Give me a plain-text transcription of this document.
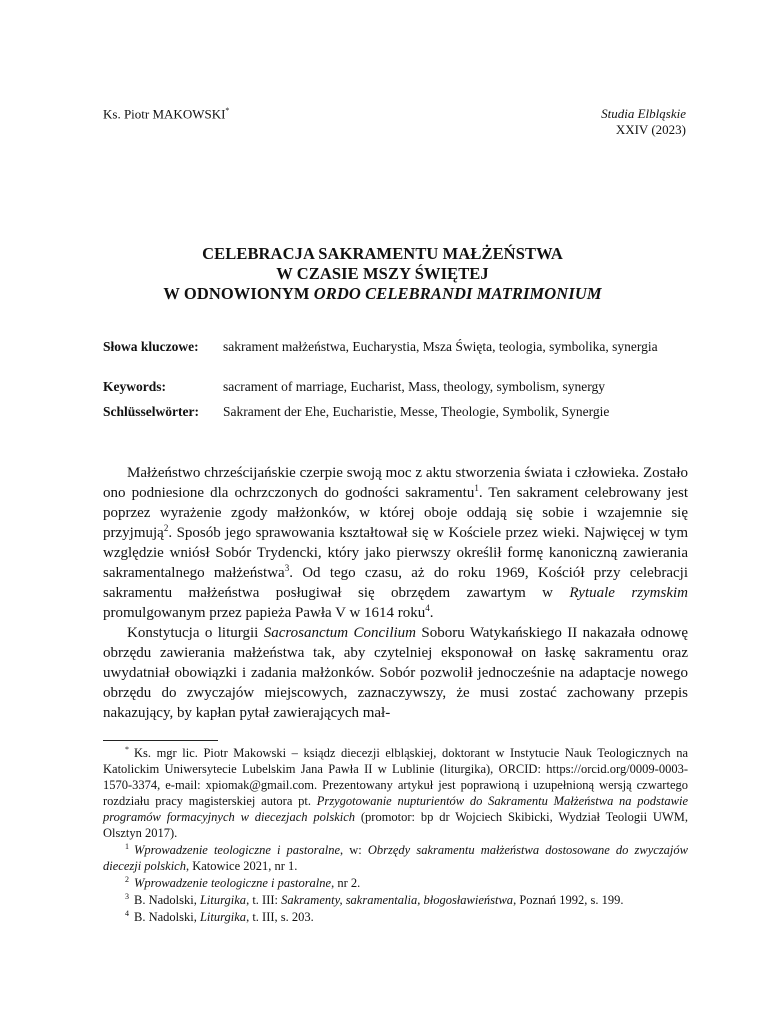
Ks. Piotr MAKOWSKI*	Studia Elbląskie
XXIV (2023)
CELEBRACJA SAKRAMENTU MAŁŻEŃSTWA
W CZASIE MSZY ŚWIĘTEJ
W ODNOWIONYM ORDO CELEBRANDI MATRIMONIUM
Słowa kluczowe: sakrament małżeństwa, Eucharystia, Msza Święta, teologia, symbolika, synergia
Keywords:	sacrament of marriage, Eucharist, Mass, theology, symbolism, synergy
Schlüsselwörter: Sakrament der Ehe, Eucharistie, Messe, Theologie, Symbolik, Synergie

Małżeństwo chrześcijańskie czerpie swoją moc z aktu stworzenia świata i człowieka. Zostało ono podniesione dla ochrzczonych do godności sakramentu$^1$. Ten sakrament celebrowany jest poprzez wyrażenie zgody małżonków, w której oboje oddają się sobie i wzajemnie się przyjmują$^2$. Sposób jego sprawowania kształtował się w Kościele przez wieki. Najwięcej w tym względzie wniósł Sobór Trydencki, który jako pierwszy określił formę kanoniczną zawierania sakramentalnego małżeństwa$^3$. Od tego czasu, aż do roku 1969, Kościół przy celebracji sakramentu małżeństwa posługiwał się obrzędem zawartym w Rytuale rzymskim promulgowanym przez papieża Pawła V w 1614 roku$^4$.

Konstytucja o liturgii Sacrosanctum Concilium Soboru Watykańskiego II nakazała odnowę obrzędu zawierania małżeństwa tak, aby czytelniej eksponował on łaskę sakramentu oraz uwydatniał obowiązki i zadania małżonków. Sobór pozwolił jednocześnie na adaptacje nowego obrzędu do zwyczajów miejscowych, zaznaczywszy, że musi zostać zachowany przepis nakazujący, by kapłan pytał zawierających mał-

* Ks. mgr lic. Piotr Makowski – ksiądz diecezji elbląskiej, doktorant w Instytucie Nauk Teologicznych na Katolickim Uniwersytecie Lubelskim Jana Pawła II w Lublinie (liturgika), ORCID: https://orcid.org/0009-0003-1570-3374, e-mail: xpiomak@gmail.com. Prezentowany artykuł jest poprawioną i uzupełnioną wersją czwartego rozdziału pracy magisterskiej autora pt. Przygotowanie nupturientów do Sakramentu Małżeństwa na podstawie programów formacyjnych w diecezjach polskich (promotor: bp dr Wojciech Skibicki, Wydział Teologii UWM, Olsztyn 2017).

$^1$ Wprowadzenie teologiczne i pastoralne, w: Obrzędy sakramentu małżeństwa dostosowane do zwyczajów diecezji polskich, Katowice 2021, nr 1.

$^2$ Wprowadzenie teologiczne i pastoralne, nr 2.

$^3$ B. Nadolski, Liturgika, t. III: Sakramenty, sakramentalia, błogosławieństwa, Poznań 1992, s. 199.

$^4$ B. Nadolski, Liturgika, t. III, s. 203.
